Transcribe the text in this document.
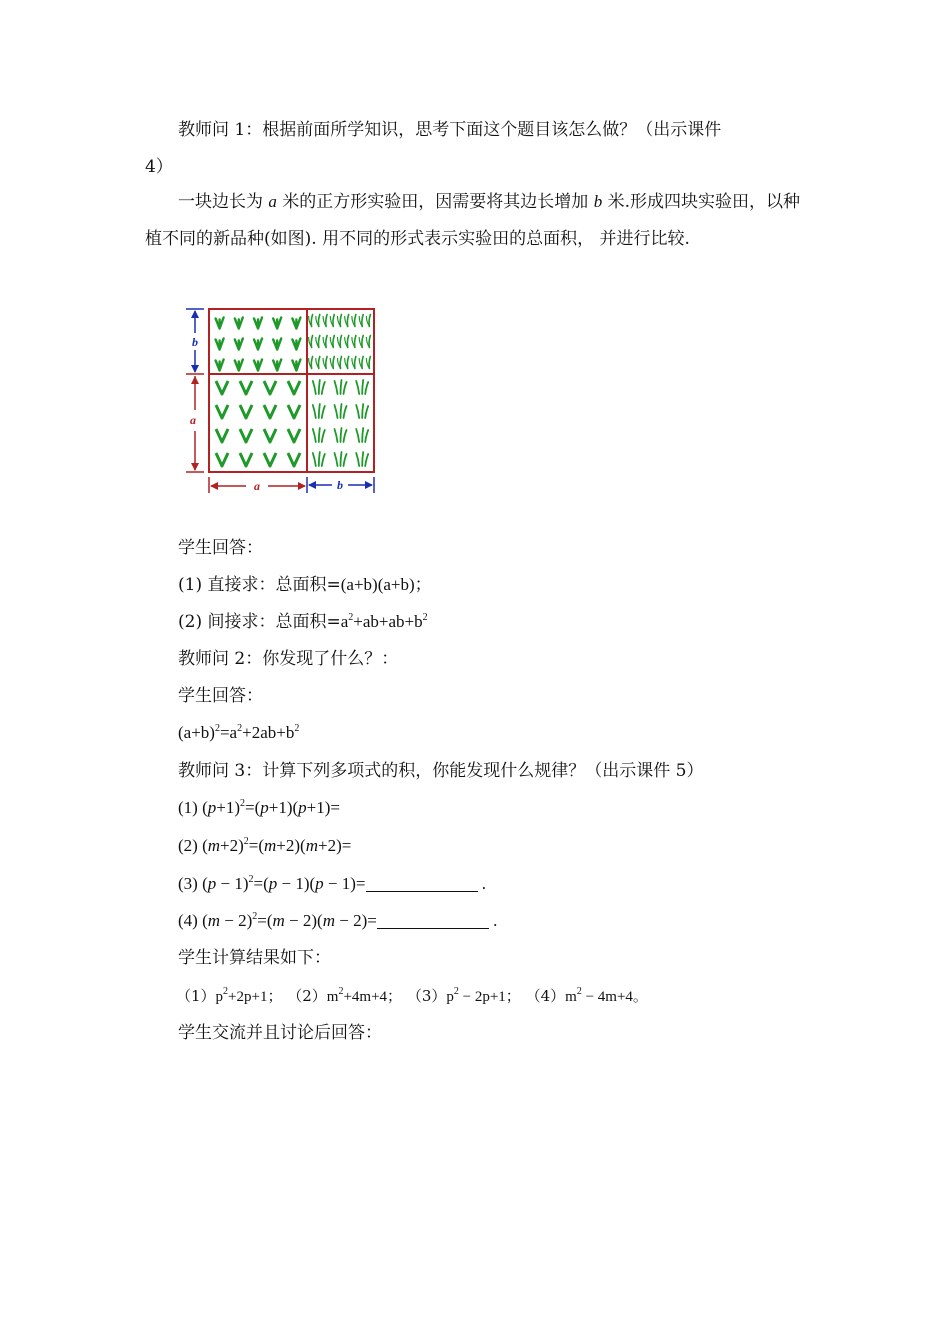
教师问 1：根据前面所学知识，思考下面这个题目该怎么做？（出示课件
4）

一块边长为 a 米的正方形实验田，因需要将其边长增加 b 米.形成四块实验田，以种植不同的新品种(如图). 用不同的形式表示实验田的总面积， 并进行比较.

b
a
a	b
学生回答：
(1) 直接求：总面积=(a+b)(a+b)；
(2) 间接求：总面积$=a^2+ab+ab+b^2$
教师问 2：你发现了什么？：
学生回答：
$(a+b)^2=a^2+2ab+b^2$
教师问 3：计算下列多项式的积，你能发现什么规律？（出示课件 5）
(1) $(p+1)^2=(p+1)(p+1)=$
(2) $(m+2)^2=(m+2)(m+2)=$
(3) $(p - 1)^2=(p - 1)(p - 1)=$	.
(4) $(m - 2)^2=(m - 2)(m - 2)=$	.
学生计算结果如下：
$(1)p^2+2p+1$； $(2)m^2+4m+4$； $(3)p^2 - 2p+1$； $(4)m^2 - 4m+4$。
学生交流并且讨论后回答：
